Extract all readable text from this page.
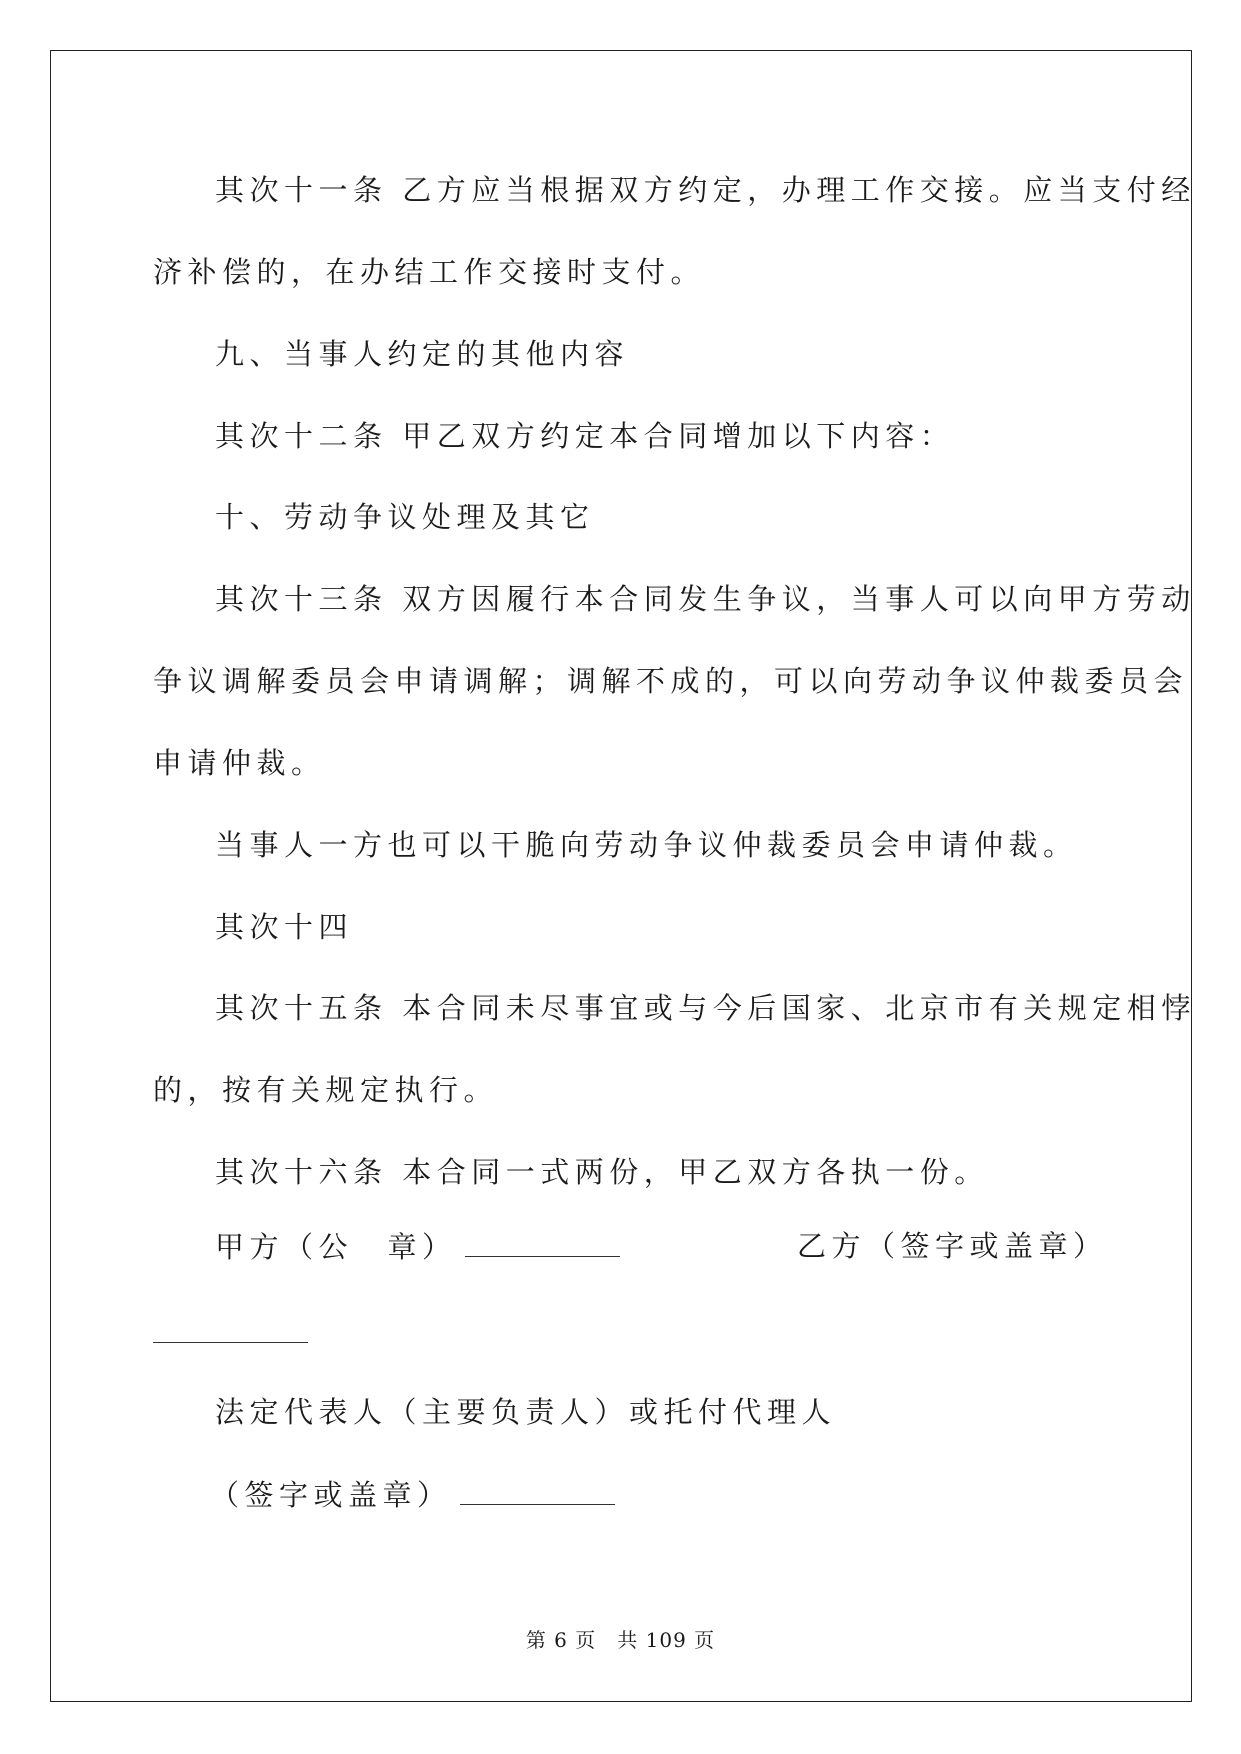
其次十一条 乙方应当根据双方约定，办理工作交接。应当支付经
济补偿的，在办结工作交接时支付。
九、当事人约定的其他内容
其次十二条 甲乙双方约定本合同增加以下内容：
十、劳动争议处理及其它
其次十三条 双方因履行本合同发生争议，当事人可以向甲方劳动
争议调解委员会申请调解；调解不成的，可以向劳动争议仲裁委员会
申请仲裁。
当事人一方也可以干脆向劳动争议仲裁委员会申请仲裁。
其次十四
其次十五条 本合同未尽事宜或与今后国家、北京市有关规定相悖
的，按有关规定执行。
其次十六条 本合同一式两份，甲乙双方各执一份。
甲方（公　章）	乙方（签字或盖章）
法定代表人（主要负责人）或托付代理人
（签字或盖章）
第 6 页　共 109 页
